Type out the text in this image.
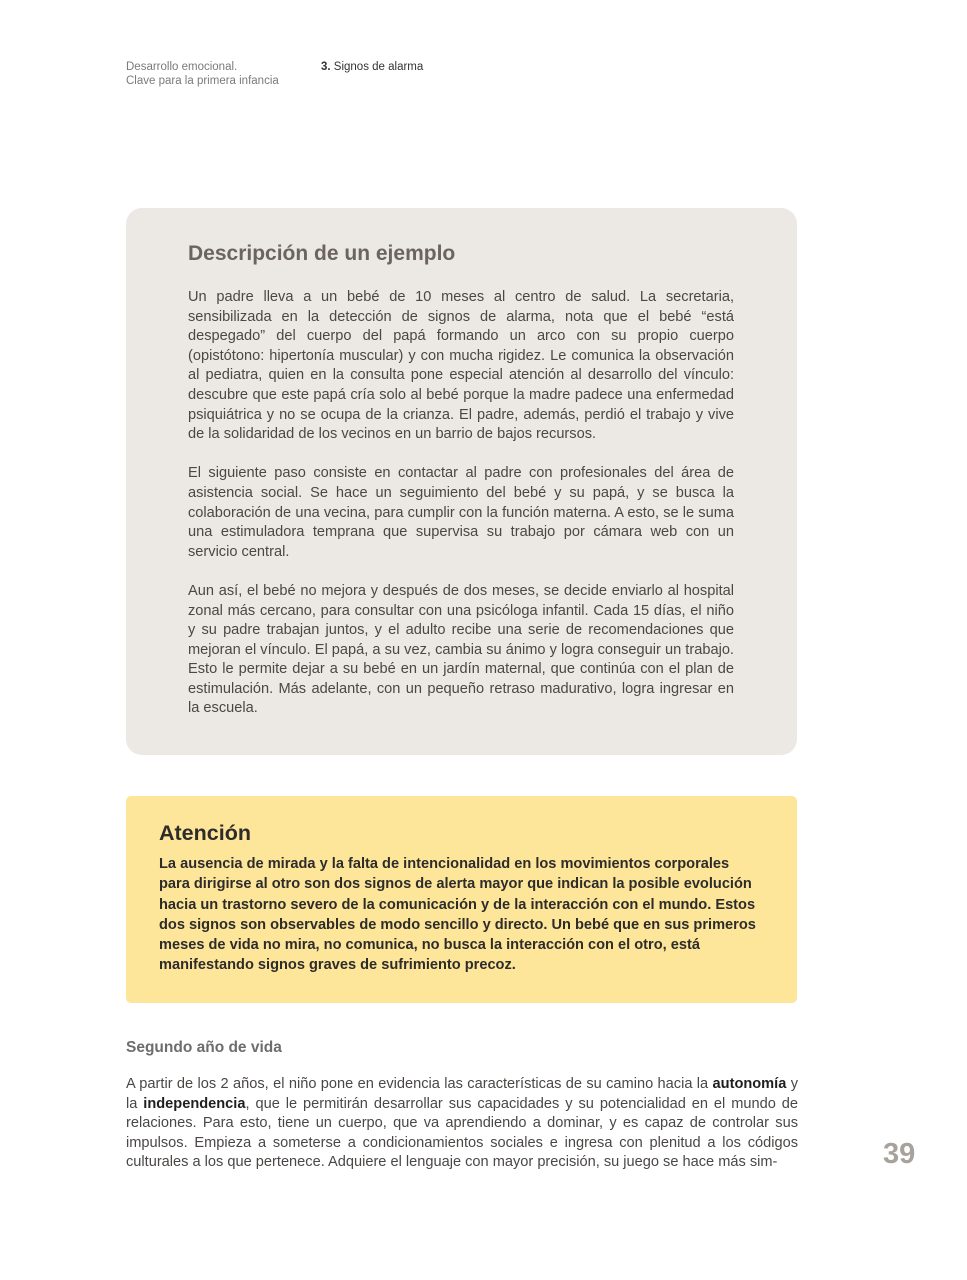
Desarrollo emocional.
Clave para la primera infancia
3. Signos de alarma
Descripción de un ejemplo

Un padre lleva a un bebé de 10 meses al centro de salud. La secretaria, sensibilizada en la detección de signos de alarma, nota que el bebé “está despegado” del cuerpo del papá formando un arco con su propio cuerpo (opistótono: hipertonía muscular) y con mucha rigidez. Le comunica la observación al pediatra, quien en la consulta pone especial atención al desarrollo del vínculo: descubre que este papá cría solo al bebé porque la madre padece una enfermedad psiquiátrica y no se ocupa de la crianza. El padre, además, perdió el trabajo y vive de la solidaridad de los vecinos en un barrio de bajos recursos.

El siguiente paso consiste en contactar al padre con profesionales del área de asistencia social. Se hace un seguimiento del bebé y su papá, y se busca la colaboración de una vecina, para cumplir con la función materna. A esto, se le suma una estimuladora temprana que supervisa su trabajo por cámara web con un servicio central.

Aun así, el bebé no mejora y después de dos meses, se decide enviarlo al hospital zonal más cercano, para consultar con una psicóloga infantil. Cada 15 días, el niño y su padre trabajan juntos, y el adulto recibe una serie de recomendaciones que mejoran el vínculo. El papá, a su vez, cambia su ánimo y logra conseguir un trabajo. Esto le permite dejar a su bebé en un jardín maternal, que continúa con el plan de estimulación. Más adelante, con un pequeño retraso madurativo, logra ingresar en la escuela.

Atención

La ausencia de mirada y la falta de intencionalidad en los movimientos corporales para dirigirse al otro son dos signos de alerta mayor que indican la posible evolución hacia un trastorno severo de la comunicación y de la interacción con el mundo. Estos dos signos son observables de modo sencillo y directo. Un bebé que en sus primeros meses de vida no mira, no comunica, no busca la interacción con el otro, está manifestando signos graves de sufrimiento precoz.

Segundo año de vida

A partir de los 2 años, el niño pone en evidencia las características de su camino hacia la autonomía y la independencia, que le permitirán desarrollar sus capacidades y su potencialidad en el mundo de relaciones. Para esto, tiene un cuerpo, que va aprendiendo a dominar, y es capaz de controlar sus impulsos. Empieza a someterse a condicionamientos sociales e ingresa con plenitud a los códigos culturales a los que pertenece. Adquiere el lenguaje con mayor precisión, su juego se hace más sim-	39
